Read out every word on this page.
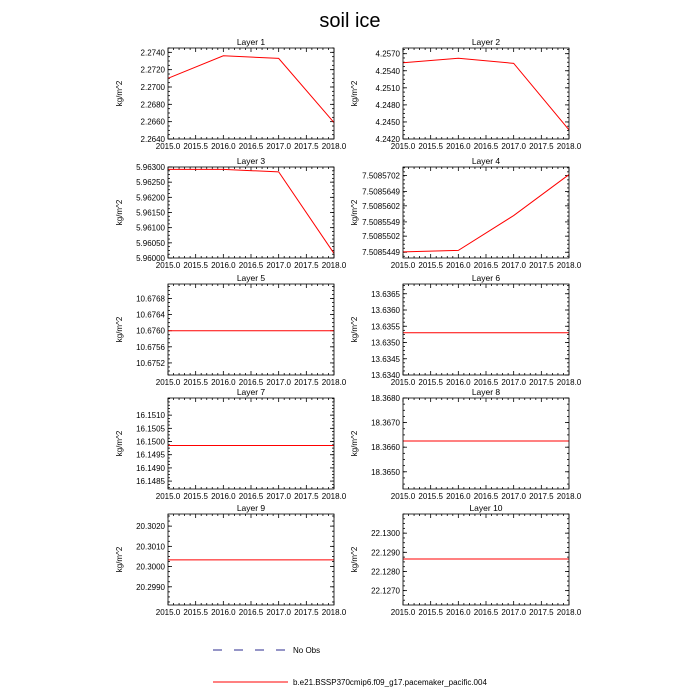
soil ice
Layer 1
2015.0 2015.5 2016.0 2016.5 2017.0 2017.5 2018.0
2.2640
2.2660
2.2680
2.2700
2.2720
2.2740
kg/m^2
Layer 2
2015.0 2015.5 2016.0 2016.5 2017.0 2017.5 2018.0
4.2420
4.2450
4.2480
4.2510
4.2540
4.2570
kg/m^2
Layer 3
2015.0 2015.5 2016.0 2016.5 2017.0 2017.5 2018.0
5.96000
5.96050
5.96100
5.96150
5.96200
5.96250
5.96300
kg/m^2
Layer 4
2015.0 2015.5 2016.0 2016.5 2017.0 2017.5 2018.0
7.5085449
7.5085502
7.5085549
7.5085602
7.5085649
7.5085702
kg/m^2
Layer 5
2015.0 2015.5 2016.0 2016.5 2017.0 2017.5 2018.0
10.6752
10.6756
10.6760
10.6764
10.6768
kg/m^2
Layer 6
2015.0 2015.5 2016.0 2016.5 2017.0 2017.5 2018.0
13.6340
13.6345
13.6350
13.6355
13.6360
13.6365
kg/m^2
Layer 7
2015.0 2015.5 2016.0 2016.5 2017.0 2017.5 2018.0
16.1485
16.1490
16.1495
16.1500
16.1505
16.1510
kg/m^2
Layer 8
2015.0 2015.5 2016.0 2016.5 2017.0 2017.5 2018.0
18.3650
18.3660
18.3670
18.3680
kg/m^2
Layer 9
2015.0 2015.5 2016.0 2016.5 2017.0 2017.5 2018.0
20.2990
20.3000
20.3010
20.3020
kg/m^2
Layer 10
2015.0 2015.5 2016.0 2016.5 2017.0 2017.5 2018.0
22.1270
22.1280
22.1290
22.1300
kg/m^2
No Obs
b.e21.BSSP370cmip6.f09_g17.pacemaker_pacific.004
